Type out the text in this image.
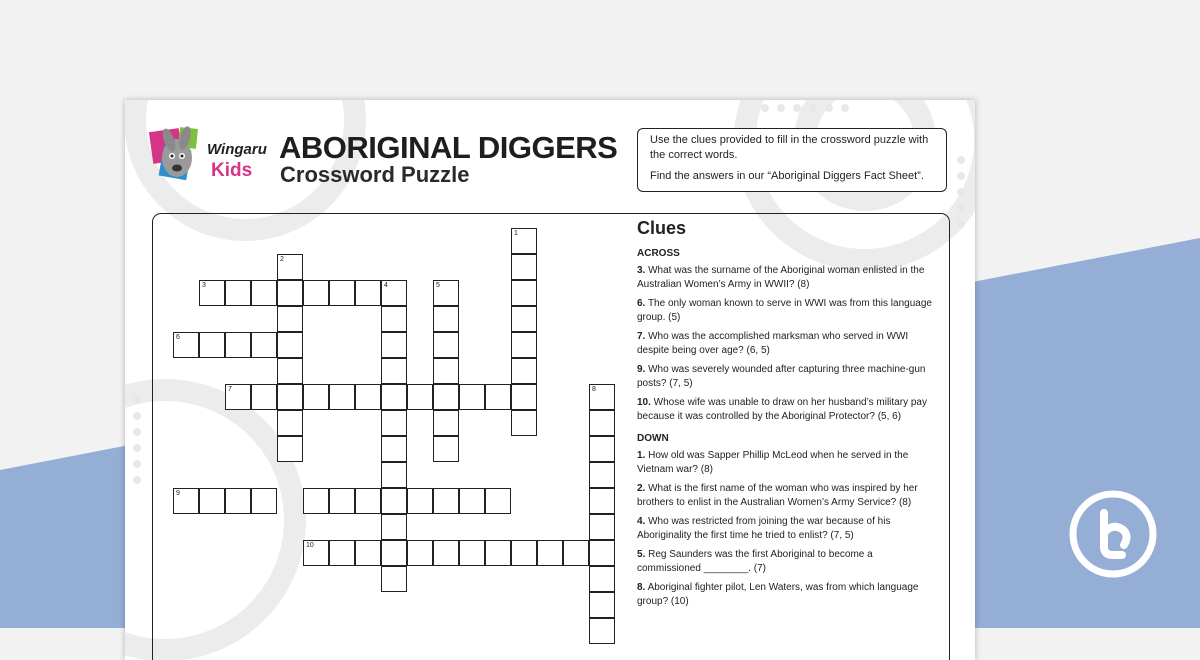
Wingaru
Kids
ABORIGINAL DIGGERS
Crossword Puzzle

Use the clues provided to fill in the crossword puzzle with the correct words.

Find the answers in our “Aboriginal Diggers Fact Sheet”.

1
2
3	4	5
6
7	8
9
10
Clues
ACROSS
3. What was the surname of the Aboriginal woman enlisted in the Australian Women’s Army in WWII? (8)
6. The only woman known to serve in WWI was from this language group. (5)
7. Who was the accomplished marksman who served in WWI despite being over age? (6, 5)
9. Who was severely wounded after capturing three machine-gun posts? (7, 5)
10. Whose wife was unable to draw on her husband’s military pay because it was controlled by the Aboriginal Protector? (5, 6)
DOWN
1. How old was Sapper Phillip McLeod when he served in the Vietnam war? (8)
2. What is the first name of the woman who was inspired by her brothers to enlist in the Australian Women’s Army Service? (8)
4. Who was restricted from joining the war because of his Aboriginality the first time he tried to enlist? (7, 5)
5. Reg Saunders was the first Aboriginal to become a commissioned ________. (7)
8. Aboriginal fighter pilot, Len Waters, was from which language group? (10)
